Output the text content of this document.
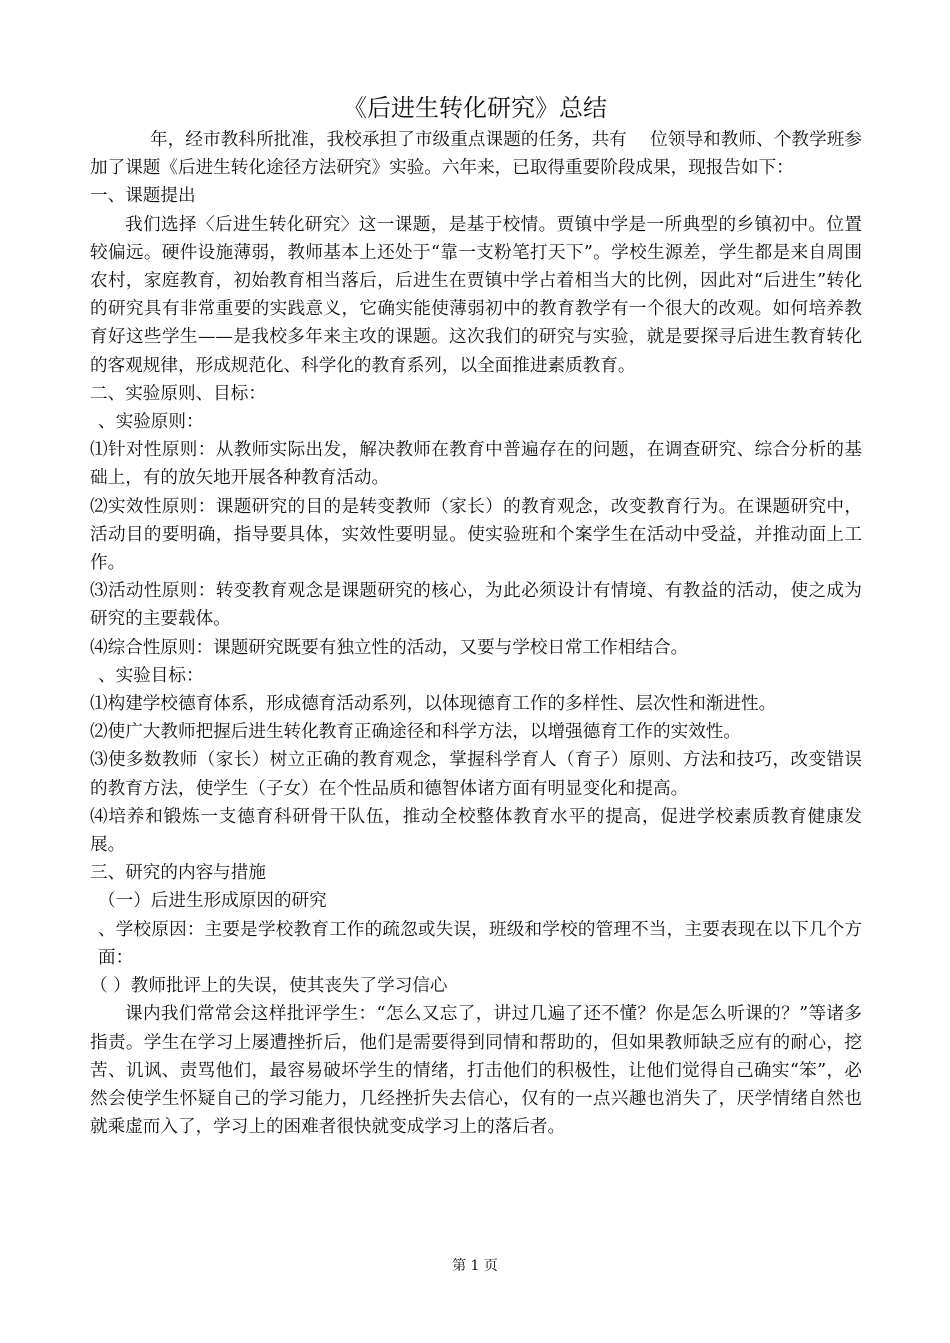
《后进生转化研究》总结

年，经市教科所批准，我校承担了市级重点课题的任务，共有　 位领导和教师、个教学班参加了课题《后进生转化途径方法研究》实验。六年来，已取得重要阶段成果，现报告如下：

一、课题提出

我们选择〈后进生转化研究〉这一课题，是基于校情。贾镇中学是一所典型的乡镇初中。位置较偏远。硬件设施薄弱，教师基本上还处于“靠一支粉笔打天下”。学校生源差，学生都是来自周围农村，家庭教育，初始教育相当落后，后进生在贾镇中学占着相当大的比例，因此对“后进生”转化的研究具有非常重要的实践意义，它确实能使薄弱初中的教育教学有一个很大的改观。如何培养教育好这些学生——是我校多年来主攻的课题。这次我们的研究与实验，就是要探寻后进生教育转化的客观规律，形成规范化、科学化的教育系列，以全面推进素质教育。

二、实验原则、目标：

、实验原则：

⑴针对性原则：从教师实际出发，解决教师在教育中普遍存在的问题，在调查研究、综合分析的基础上，有的放矢地开展各种教育活动。

⑵实效性原则：课题研究的目的是转变教师（家长）的教育观念，改变教育行为。在课题研究中，活动目的要明确，指导要具体，实效性要明显。使实验班和个案学生在活动中受益，并推动面上工作。

⑶活动性原则：转变教育观念是课题研究的核心，为此必须设计有情境、有教益的活动，使之成为研究的主要载体。

⑷综合性原则：课题研究既要有独立性的活动，又要与学校日常工作相结合。

、实验目标：

⑴构建学校德育体系，形成德育活动系列，以体现德育工作的多样性、层次性和渐进性。

⑵使广大教师把握后进生转化教育正确途径和科学方法，以增强德育工作的实效性。

⑶使多数教师（家长）树立正确的教育观念，掌握科学育人（育子）原则、方法和技巧，改变错误的教育方法，使学生（子女）在个性品质和德智体诸方面有明显变化和提高。

⑷培养和锻炼一支德育科研骨干队伍，推动全校整体教育水平的提高，促进学校素质教育健康发展。

三、研究的内容与措施

（一）后进生形成原因的研究

、学校原因：主要是学校教育工作的疏忽或失误，班级和学校的管理不当，主要表现在以下几个方面：

（ ）教师批评上的失误，使其丧失了学习信心

课内我们常常会这样批评学生：“怎么又忘了，讲过几遍了还不懂？你是怎么听课的？”等诸多指责。学生在学习上屡遭挫折后，他们是需要得到同情和帮助的，但如果教师缺乏应有的耐心，挖苦、讥讽、责骂他们，最容易破坏学生的情绪，打击他们的积极性，让他们觉得自己确实“笨”，必然会使学生怀疑自己的学习能力，几经挫折失去信心，仅有的一点兴趣也消失了，厌学情绪自然也就乘虚而入了，学习上的困难者很快就变成学习上的落后者。

第 1 页
